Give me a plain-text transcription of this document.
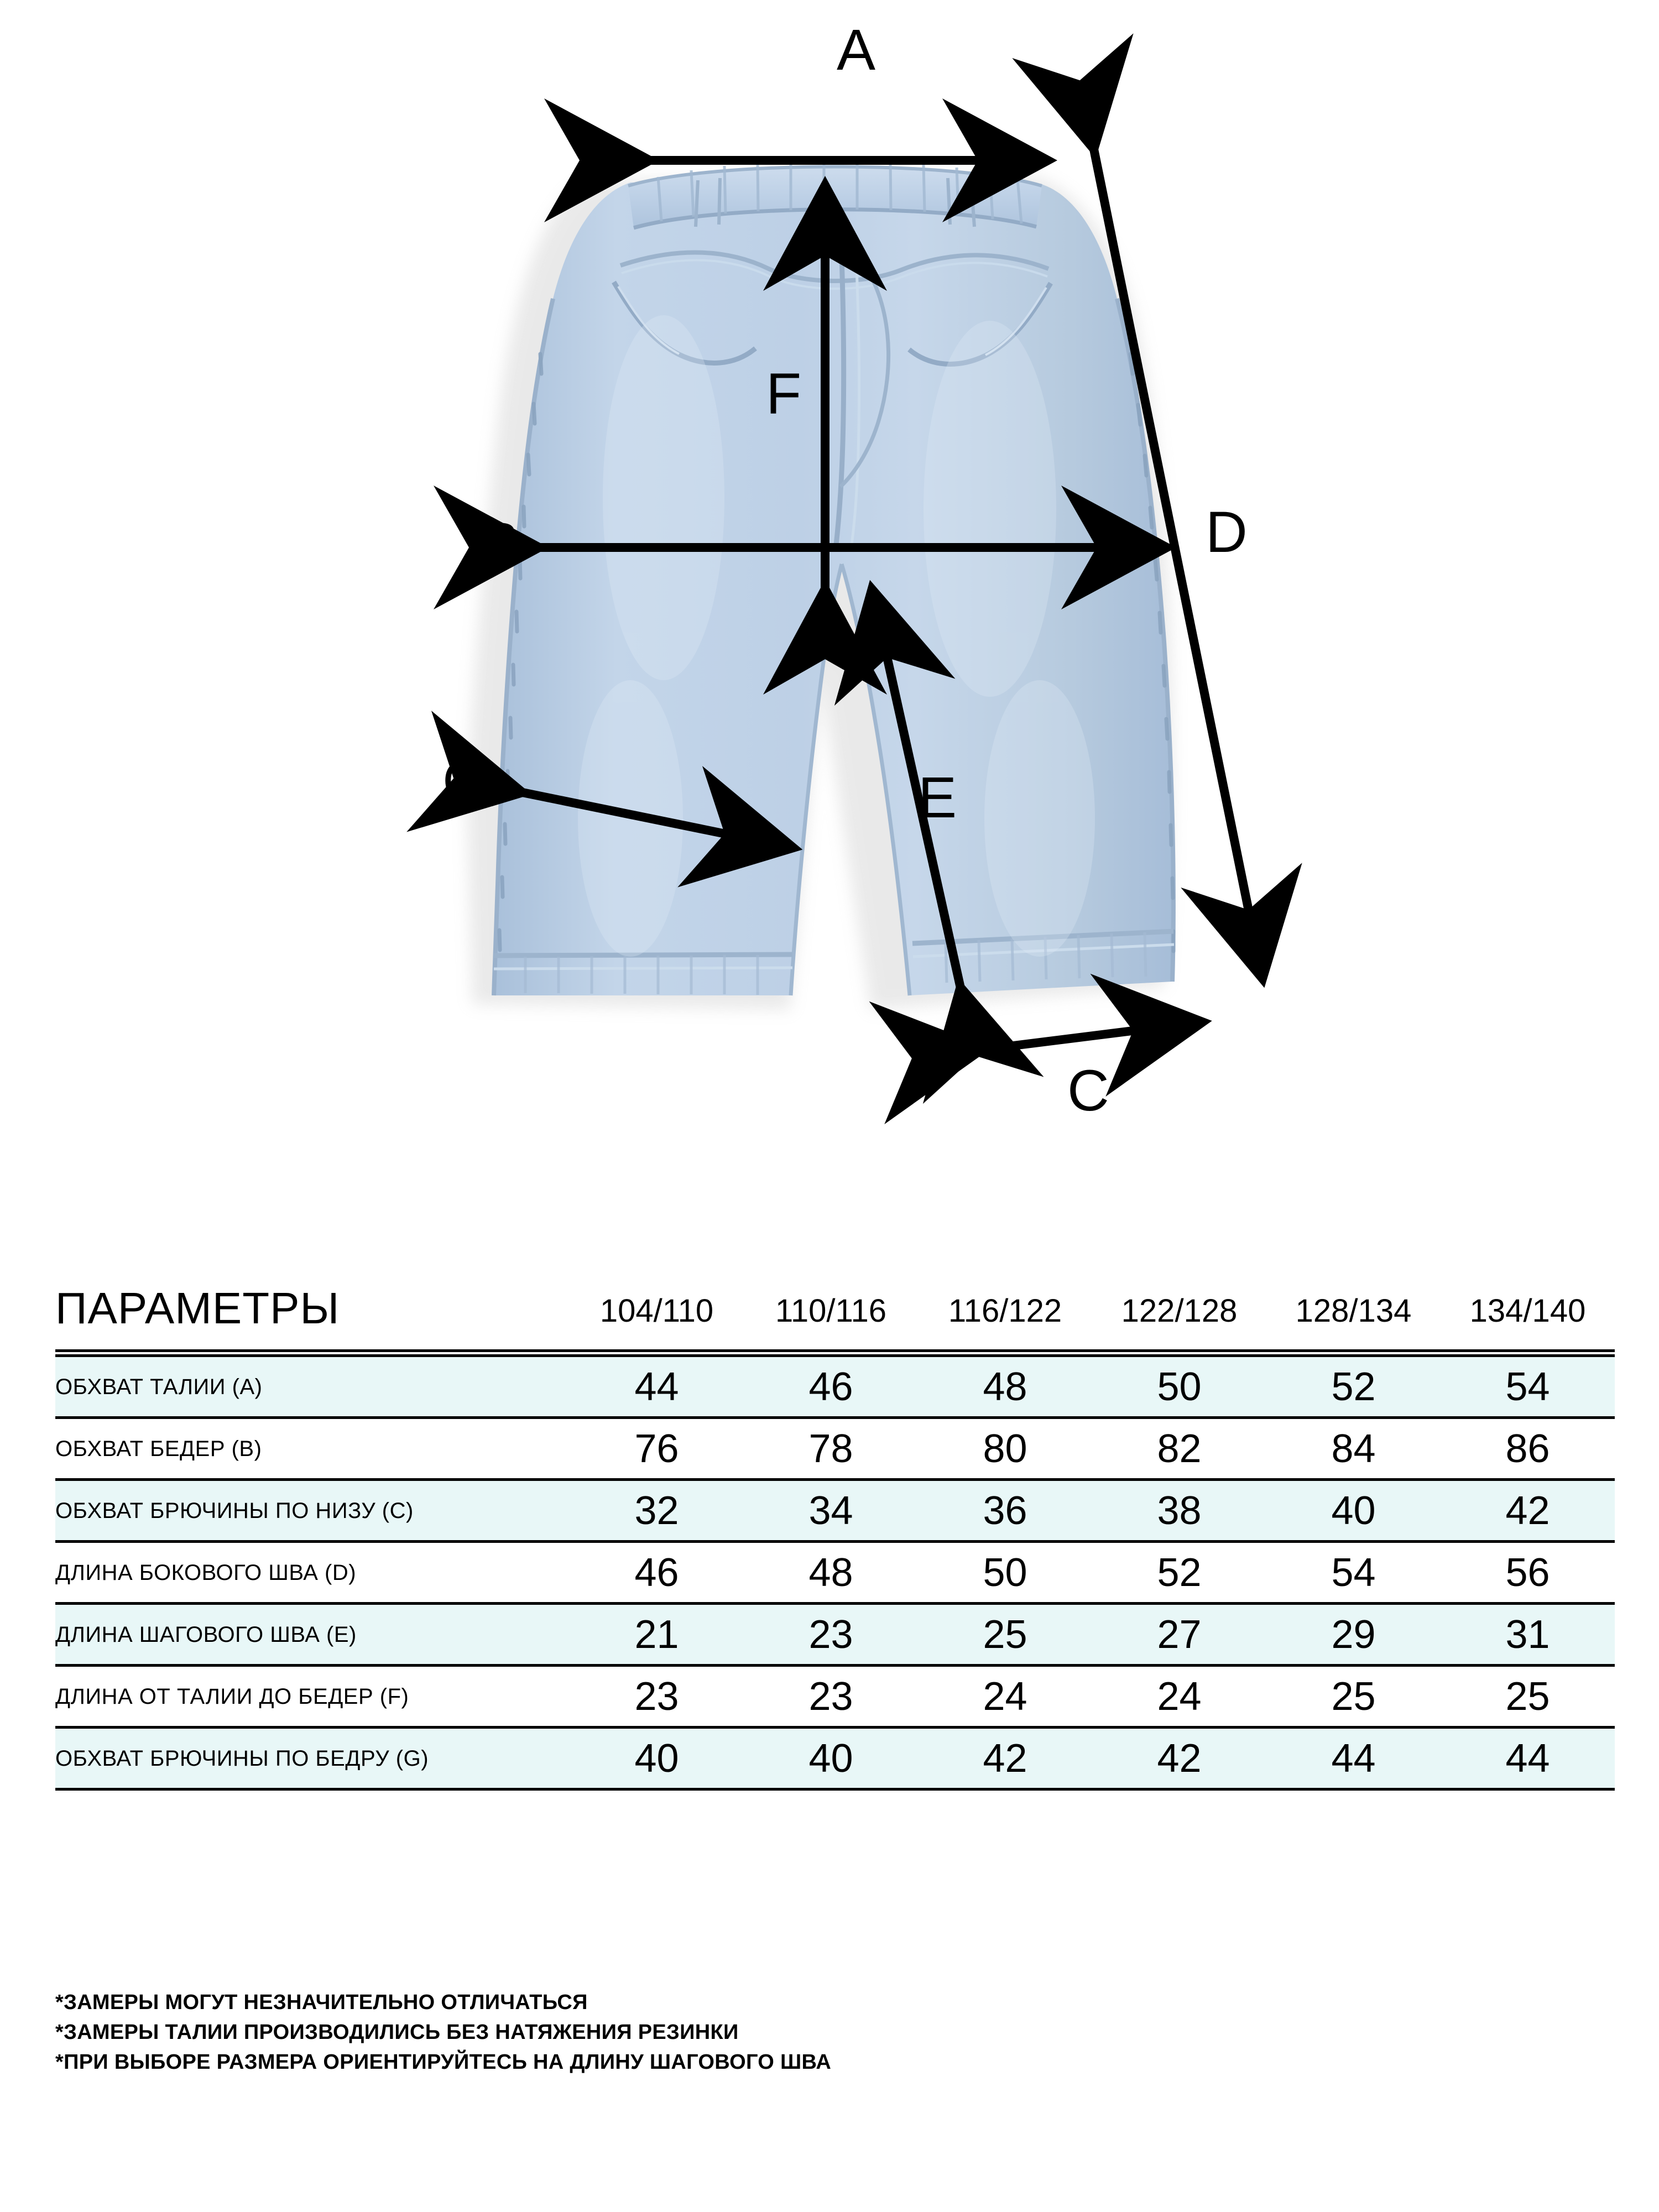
A
B
C
D
E
F
G
ПАРАМЕТРЫ	104/110	110/116	116/122	122/128	128/134	134/140
ОБХВАТ ТАЛИИ (A)	44	46	48	50	52	54
ОБХВАТ БЕДЕР (B)	76	78	80	82	84	86
ОБХВАТ БРЮЧИНЫ ПО НИЗУ (C)	32	34	36	38	40	42
ДЛИНА БОКОВОГО ШВА (D)	46	48	50	52	54	56
ДЛИНА ШАГОВОГО ШВА (E)	21	23	25	27	29	31
ДЛИНА ОТ ТАЛИИ ДО БЕДЕР (F)	23	23	24	24	25	25
ОБХВАТ БРЮЧИНЫ ПО БЕДРУ (G)	40	40	42	42	44	44
*ЗАМЕРЫ МОГУТ НЕЗНАЧИТЕЛЬНО ОТЛИЧАТЬСЯ
*ЗАМЕРЫ ТАЛИИ ПРОИЗВОДИЛИСЬ БЕЗ НАТЯЖЕНИЯ РЕЗИНКИ
*ПРИ ВЫБОРЕ РАЗМЕРА ОРИЕНТИРУЙТЕСЬ НА ДЛИНУ ШАГОВОГО ШВА
